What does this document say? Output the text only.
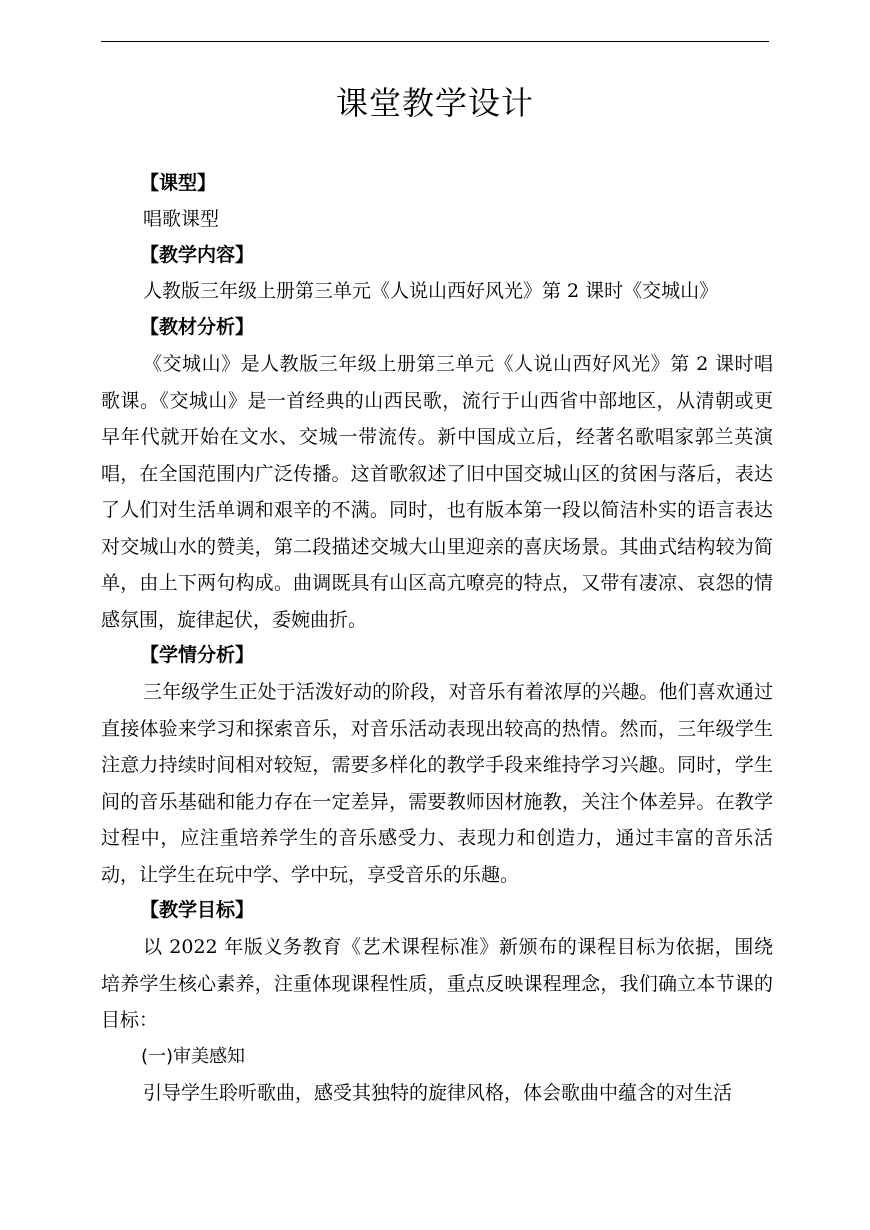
课堂教学设计
【课型】
唱歌课型
【教学内容】
人教版三年级上册第三单元《人说山西好风光》第 2 课时《交城山》
【教材分析】

《交城山》是人教版三年级上册第三单元《人说山西好风光》第 2 课时唱歌课。《交城山》是一首经典的山西民歌，流行于山西省中部地区，从清朝或更早年代就开始在文水、交城一带流传。新中国成立后，经著名歌唱家郭兰英演唱，在全国范围内广泛传播。这首歌叙述了旧中国交城山区的贫困与落后，表达了人们对生活单调和艰辛的不满。同时，也有版本第一段以简洁朴实的语言表达对交城山水的赞美，第二段描述交城大山里迎亲的喜庆场景。其曲式结构较为简单，由上下两句构成。曲调既具有山区高亢嘹亮的特点，又带有凄凉、哀怨的情感氛围，旋律起伏，委婉曲折。

【学情分析】

三年级学生正处于活泼好动的阶段，对音乐有着浓厚的兴趣。他们喜欢通过直接体验来学习和探索音乐，对音乐活动表现出较高的热情。然而，三年级学生注意力持续时间相对较短，需要多样化的教学手段来维持学习兴趣。同时，学生间的音乐基础和能力存在一定差异，需要教师因材施教，关注个体差异。在教学过程中，应注重培养学生的音乐感受力、表现力和创造力，通过丰富的音乐活动，让学生在玩中学、学中玩，享受音乐的乐趣。

【教学目标】

以 2022 年版义务教育《艺术课程标准》新颁布的课程目标为依据，围绕培养学生核心素养，注重体现课程性质，重点反映课程理念，我们确立本节课的目标：

(一)审美感知

引导学生聆听歌曲，感受其独特的旋律风格，体会歌曲中蕴含的对生活
